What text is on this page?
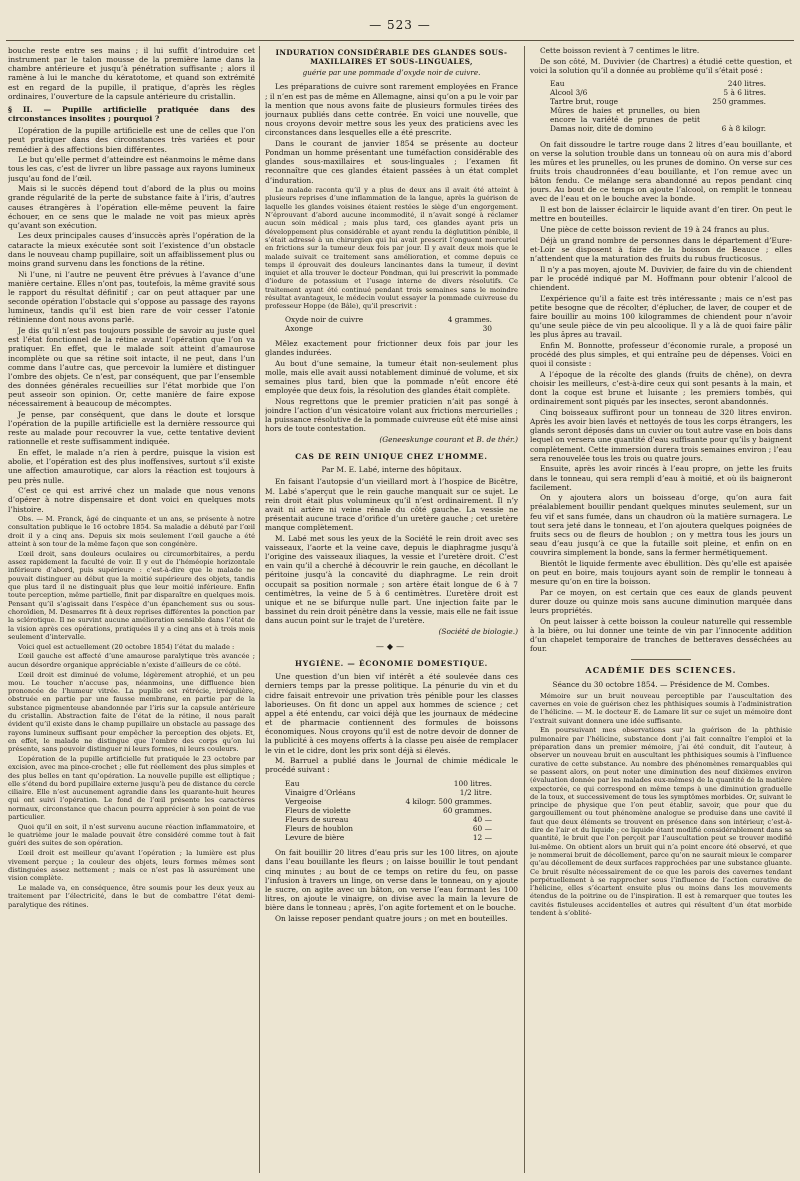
— 523 —

bouche reste entre ses mains ; il lui suffit d’introduire cet instrument par le talon mousse de la première lame dans la chambre antérieure et jusqu’à pénétration suffisante ; alors il ramène à lui le manche du kératotome, et quand son extrémité est en regard de la pupille, il pratique, d’après les règles ordinaires, l’ouverture de la capsule antérieure du cristallin.

§ II. — Pupille artificielle pratiquée dans des circonstances insolites ; pourquoi ?

L’opération de la pupille artificielle est une de celles que l’on peut pratiquer dans des circonstances très variées et pour remédier à des affections bien différentes.

Le but qu’elle permet d’atteindre est néanmoins le même dans tous les cas, c’est de livrer un libre passage aux rayons lumineux jusqu’au fond de l’œil.

Mais si le succès dépend tout d’abord de la plus ou moins grande régularité de la perte de substance faite à l’iris, d’autres causes étrangères à l’opération elle-même peuvent la faire échouer, en ce sens que le malade ne voit pas mieux après qu’avant son exécution.

Les deux principales causes d’insuccès après l’opération de la cataracte la mieux exécutée sont soit l’existence d’un obstacle dans le nouveau champ pupillaire, soit un affaiblissement plus ou moins grand survenu dans les fonctions de la rétine.

Ni l’une, ni l’autre ne peuvent être prévues à l’avance d’une manière certaine. Elles n’ont pas, toutefois, la même gravité sous le rapport du résultat définitif ; car on peut attaquer par une seconde opération l’obstacle qui s’oppose au passage des rayons lumineux, tandis qu’il est bien rare de voir cesser l’atonie rétinienne dont nous avons parlé.

Je dis qu’il n’est pas toujours possible de savoir au juste quel est l’état fonctionnel de la rétine avant l’opération que l’on va pratiquer. En effet, que le malade soit atteint d’amaurose incomplète ou que sa rétine soit intacte, il ne peut, dans l’un comme dans l’autre cas, que percevoir la lumière et distinguer l’ombre des objets. Ce n’est, par conséquent, que par l’ensemble des données générales recueillies sur l’état morbide que l’on peut asseoir son opinion. Or, cette manière de faire expose nécessairement à beaucoup de mécomptes.

Je pense, par conséquent, que dans le doute et lorsque l’opération de la pupille artificielle est la dernière ressource qui reste au malade pour recouvrer la vue, cette tentative devient rationnelle et reste suffisamment indiquée.

En effet, le malade n’a rien à perdre, puisque la vision est abolie, et l’opération est des plus inoffensives, surtout s’il existe une affection amaurotique, car alors la réaction est toujours à peu près nulle.

C’est ce qui est arrivé chez un malade que nous venons d’opérer à notre dispensaire et dont voici en quelques mots l’histoire.

Obs. — M. Franck, âgé de cinquante et un ans, se présente à notre consultation publique le 16 octobre 1854. Sa maladie a débuté par l’œil droit il y a cinq ans. Depuis six mois seulement l’œil gauche a été atteint à son tour de la même façon que son congénère.

L’œil droit, sans douleurs oculaires ou circumorbitaires, a perdu assez rapidement la faculté de voir. Il y eut de l’héméopie horizontale inférieure d’abord, puis supérieure : c’est-à-dire que le malade ne pouvait distinguer au début que la moitié supérieure des objets, tandis que plus tard il ne distinguait plus que leur moitié inférieure. Enfin toute perception, même partielle, finit par disparaître en quelques mois. Pensant qu’il s’agissait dans l’espèce d’un épanchement sus ou sous-choroïdien, M. Desmarres fit à deux reprises différentes la ponction par la sclérotique. Il ne survint aucune amélioration sensible dans l’état de la vision après ces opérations, pratiquées il y a cinq ans et à trois mois seulement d’intervalle.

Voici quel est actuellement (20 octobre 1854) l’état du malade :

L’œil gauche est affecté d’une amaurose paralytique très avancée ; aucun désordre organique appréciable n’existe d’ailleurs de ce côté.

L’œil droit est diminué de volume, légèrement atrophié, et un peu mou. Le toucher n’accuse pas, néanmoins, une diffluence bien prononcée de l’humeur vitrée. La pupille est rétrécie, irrégulière, obstruée en partie par une fausse membrane, en partie par de la substance pigmenteuse abandonnée par l’iris sur la capsule antérieure du cristallin. Abstraction faite de l’état de la rétine, il nous paraît évident qu’il existe dans le champ pupillaire un obstacle au passage des rayons lumineux suffisant pour empêcher la perception des objets. Et, en effet, le malade ne distingue que l’ombre des corps qu’on lui présente, sans pouvoir distinguer ni leurs formes, ni leurs couleurs.

L’opération de la pupille artificielle fut pratiquée le 23 octobre par excision, avec ma pince-crochet ; elle fut réellement des plus simples et des plus belles en tant qu’opération. La nouvelle pupille est elliptique ; elle s’étend du bord pupillaire externe jusqu’à peu de distance du cercle ciliaire. Elle n’est aucunement agrandie dans les quarante-huit heures qui ont suivi l’opération. Le fond de l’œil présente les caractères normaux, circonstance que chacun pourra apprécier à son point de vue particulier.

Quoi qu’il en soit, il n’est survenu aucune réaction inflammatoire, et le quatrième jour le malade pouvait être considéré comme tout à fait guéri des suites de son opération.

L’œil droit est meilleur qu’avant l’opération ; la lumière est plus vivement perçue ; la couleur des objets, leurs formes mêmes sont distinguées assez nettement ; mais ce n’est pas là assurément une vision complète.

Le malade va, en conséquence, être soumis pour les deux yeux au traitement par l’électricité, dans le but de combattre l’état demi-paralytique des rétines.

INDURATION CONSIDÉRABLE DES GLANDES SOUS-MAXILLAIRES ET SOUS-LINGUALES,

guérie par une pommade d’oxyde noir de cuivre.

Les préparations de cuivre sont rarement employées en France ; il n’en est pas de même en Allemagne, ainsi qu’on a pu le voir par la mention que nous avons faite de plusieurs formules tirées des journaux publiés dans cette contrée. En voici une nouvelle, que nous croyons devoir mettre sous les yeux des praticiens avec les circonstances dans lesquelles elle a été prescrite.

Dans le courant de janvier 1854 se présente au docteur Pondman un homme présentant une tuméfaction considérable des glandes sous-maxillaires et sous-linguales ; l’examen fit reconnaître que ces glandes étaient passées à un état complet d’induration.

Le malade raconta qu’il y a plus de deux ans il avait été atteint à plusieurs reprises d’une inflammation de la langue, après la guérison de laquelle les glandes voisines étaient restées le siège d’un engorgement. N’éprouvant d’abord aucune incommodité, il n’avait songé à réclamer aucun soin médical ; mais plus tard, ces glandes ayant pris un développement plus considérable et ayant rendu la déglutition pénible, il s’était adressé à un chirurgien qui lui avait prescrit l’onguent mercuriel en frictions sur la tumeur deux fois par jour. Il y avait deux mois que le malade suivait ce traitement sans amélioration, et comme depuis ce temps il éprouvait des douleurs lancinantes dans la tumeur, il devint inquiet et alla trouver le docteur Pondman, qui lui prescrivit la pommade d’iodure de potassium et l’usage interne de divers résolutifs. Ce traitement ayant été continué pendant trois semaines sans le moindre résultat avantageux, le médecin voulut essayer la pommade cuivreuse du professeur Hoppe (de Bâle), qu’il prescrivit :

Oxyde noir de cuivre	4 grammes.
Axonge	30

Mêlez exactement pour frictionner deux fois par jour les glandes indurées.

Au bout d’une semaine, la tumeur était non-seulement plus molle, mais elle avait aussi notablement diminué de volume, et six semaines plus tard, bien que la pommade n’eût encore été employée que deux fois, la résolution des glandes était complète.

Nous regrettons que le premier praticien n’ait pas songé à joindre l’action d’un vésicatoire volant aux frictions mercurielles ; la puissance résolutive de la pommade cuivreuse eût été mise ainsi hors de toute contestation.

(Geneeskunge courant et B. de thér.)

CAS DE REIN UNIQUE CHEZ L’HOMME.

Par M. E. Labé, interne des hôpitaux.

En faisant l’autopsie d’un vieillard mort à l’hospice de Bicêtre, M. Labé s’aperçut que le rein gauche manquait sur ce sujet. Le rein droit était plus volumineux qu’il n’est ordinairement. Il n’y avait ni artère ni veine rénale du côté gauche. La vessie ne présentait aucune trace d’orifice d’un uretère gauche ; cet uretère manque complètement.

M. Labé met sous les yeux de la Société le rein droit avec ses vaisseaux, l’aorte et la veine cave, depuis le diaphragme jusqu’à l’origine des vaisseaux iliaques, la vessie et l’uretère droit. C’est en vain qu’il a cherché à découvrir le rein gauche, en décollant le péritoine jusqu’à la concavité du diaphragme. Le rein droit occupait sa position normale ; son artère était longue de 6 à 7 centimètres, la veine de 5 à 6 centimètres. L’uretère droit est unique et ne se bifurque nulle part. Une injection faite par le bassinet du rein droit pénètre dans la vessie, mais elle ne fait issue dans aucun point sur le trajet de l’uretère.

(Société de biologie.)

—◆—

HYGIÈNE. — ÉCONOMIE DOMESTIQUE.

Une question d’un bien vif intérêt a été soulevée dans ces derniers temps par la presse politique. La pénurie du vin et du cidre faisait entrevoir une privation très pénible pour les classes laborieuses. On fit donc un appel aux hommes de science ; cet appel a été entendu, car voici déjà que les journaux de médecine et de pharmacie contiennent des formules de boissons économiques. Nous croyons qu’il est de notre devoir de donner de la publicité à ces moyens offerts à la classe peu aisée de remplacer le vin et le cidre, dont les prix sont déjà si élevés.

M. Barruel a publié dans le Journal de chimie médicale le procédé suivant :

Eau	100 litres.
Vinaigre d’Orléans	1/2 litre.
Vergeoise	4 kilogr. 500 grammes.
Fleurs de violette	60 grammes.
Fleurs de sureau	40 —
Fleurs de houblon	60 —
Levure de bière	12 —

On fait bouillir 20 litres d’eau pris sur les 100 litres, on ajoute dans l’eau bouillante les fleurs ; on laisse bouillir le tout pendant cinq minutes ; au bout de ce temps on retire du feu, on passe l’infusion à travers un linge, on verse dans le tonneau, on y ajoute le sucre, on agite avec un bâton, on verse l’eau formant les 100 litres, on ajoute le vinaigre, on divise avec la main la levure de bière dans le tonneau ; après, l’on agite fortement et on le bouche.

On laisse reposer pendant quatre jours ; on met en bouteilles.

Cette boisson revient à 7 centimes le litre.

De son côté, M. Duvivier (de Chartres) a étudié cette question, et voici la solution qu’il a donnée au problème qu’il s’était posé :

Eau	240 litres.
Alcool 3/6	5 à 6 litres.
Tartre brut, rouge	250 grammes.
Mûres de haies et prunelles, ou bien encore la variété de prunes de petit Damas noir, dite de domino	6 à 8 kilogr.

On fait dissoudre le tartre rouge dans 2 litres d’eau bouillante, et on verse la solution trouble dans un tonneau où on aura mis d’abord les mûres et les prunelles, ou les prunes de domino. On verse sur ces fruits trois chaudronnées d’eau bouillante, et l’on remue avec un bâton fendu. Ce mélange sera abandonné au repos pendant cinq jours. Au bout de ce temps on ajoute l’alcool, on remplit le tonneau avec de l’eau et on le bouche avec la bonde.

Il est bon de laisser éclaircir le liquide avant d’en tirer. On peut le mettre en bouteilles.

Une pièce de cette boisson revient de 19 à 24 francs au plus.

Déjà un grand nombre de personnes dans le département d’Eure-et-Loir se disposent à faire de la boisson de Beauce ; elles n’attendent que la maturation des fruits du rubus fructicosus.

Il n’y a pas moyen, ajoute M. Duvivier, de faire du vin de chiendent par le procédé indiqué par M. Hoffmann pour obtenir l’alcool de chiendent.

L’expérience qu’il a faite est très intéressante ; mais ce n’est pas petite besogne que de récolter, d’éplucher, de laver, de couper et de faire bouillir au moins 100 kilogrammes de chiendent pour n’avoir qu’une seule pièce de vin peu alcoolique. Il y a là de quoi faire pâlir les plus âpres au travail.

Enfin M. Bonnotte, professeur d’économie rurale, a proposé un procédé des plus simples, et qui entraîne peu de dépenses. Voici en quoi il consiste :

A l’époque de la récolte des glands (fruits de chêne), on devra choisir les meilleurs, c’est-à-dire ceux qui sont pesants à la main, et dont la coque est brune et luisante ; les premiers tombés, qui ordinairement sont piqués par les insectes, seront abandonnés.

Cinq boisseaux suffiront pour un tonneau de 320 litres environ. Après les avoir bien lavés et nettoyés de tous les corps étrangers, les glands seront déposés dans un cuvier ou tout autre vase en bois dans lequel on versera une quantité d’eau suffisante pour qu’ils y baignent complètement. Cette immersion durera trois semaines environ ; l’eau sera renouvelée tous les trois ou quatre jours.

Ensuite, après les avoir rincés à l’eau propre, on jette les fruits dans le tonneau, qui sera rempli d’eau à moitié, et où ils baigneront facilement.

On y ajoutera alors un boisseau d’orge, qu’on aura fait préalablement bouillir pendant quelques minutes seulement, sur un feu vif et sans fumée, dans un chaudron où la matière surnagera. Le tout sera jeté dans le tonneau, et l’on ajoutera quelques poignées de fruits secs ou de fleurs de houblon ; on y mettra tous les jours un seau d’eau jusqu’à ce que la futaille soit pleine, et enfin on en couvrira simplement la bonde, sans la fermer hermétiquement.

Bientôt le liquide fermente avec ébullition. Dès qu’elle est apaisée on peut en boire, mais toujours ayant soin de remplir le tonneau à mesure qu’on en tire la boisson.

Par ce moyen, on est certain que ces eaux de glands peuvent durer douze ou quinze mois sans aucune diminution marquée dans leurs propriétés.

On peut laisser à cette boisson la couleur naturelle qui ressemble à la bière, ou lui donner une teinte de vin par l’innocente addition d’un chapelet temporaire de tranches de betteraves desséchées au four.

ACADÉMIE DES SCIENCES.

Séance du 30 octobre 1854. — Présidence de M. Combes.

Mémoire sur un bruit nouveau perceptible par l’auscultation des cavernes en voie de guérison chez les phthisiques soumis à l’administration de l’hélicine. — M. le docteur E. de Lamare lit sur ce sujet un mémoire dont l’extrait suivant donnera une idée suffisante.

En poursuivant mes observations sur la guérison de la phthisie pulmonaire par l’hélicine, substance dont j’ai fait connaître l’emploi et la préparation dans un premier mémoire, j’ai été conduit, dit l’auteur, à observer un nouveau bruit en auscultant les phthisiques soumis à l’influence curative de cette substance. Au nombre des phénomènes remarquables qui se passent alors, on peut noter une diminution des neuf dixièmes environ (évaluation donnée par les malades eux-mêmes) de la quantité de la matière expectorée, ce qui correspond en même temps à une diminution graduelle de la toux, et successivement de tous les symptômes morbides. Or, suivant le principe de physique que l’on peut établir, savoir, que pour que du gargouillement ou tout phénomène analogue se produise dans une cavité il faut que deux éléments se trouvent en présence dans son intérieur, c’est-à-dire de l’air et du liquide ; ce liquide étant modifié considérablement dans sa quantité, le bruit que l’on perçoit par l’auscultation peut se trouver modifié lui-même. On obtient alors un bruit qui n’a point encore été observé, et que je nommerai bruit de décollement, parce qu’on ne saurait mieux le comparer qu’au décollement de deux surfaces rapprochées par une substance gluante. Ce bruit résulte nécessairement de ce que les parois des cavernes tendant perpétuellement à se rapprocher sous l’influence de l’action curative de l’hélicine, elles s’écartent ensuite plus ou moins dans les mouvements étendus de la poitrine ou de l’inspiration. Il est à remarquer que toutes les cavités fistuleuses accidentelles et autres qui résultent d’un état morbide tendent à s’oblité-
